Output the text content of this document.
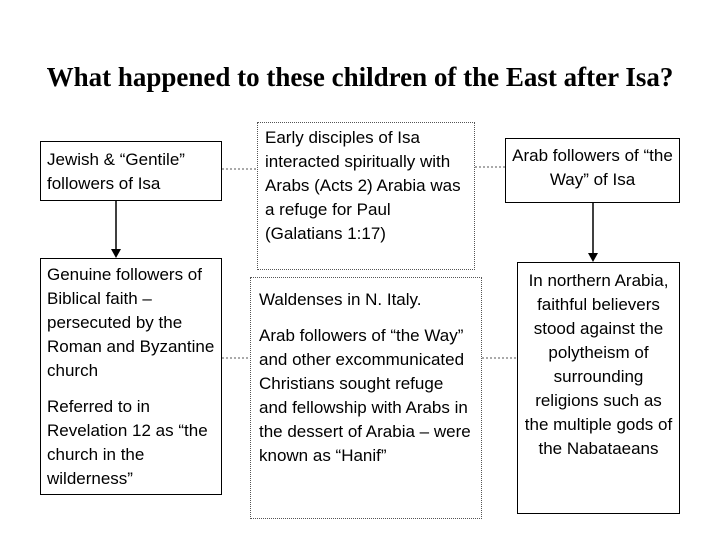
What happened to these children of the East after Isa?

Jewish & “Gentile” followers of Isa

Genuine followers of Biblical faith – persecuted by the Roman and Byzantine church

Referred to in Revelation 12 as “the church in the wilderness”

Early disciples of Isa interacted spiritually with Arabs (Acts 2) Arabia was a refuge for Paul (Galatians 1:17)

Waldenses in N. Italy.

Arab followers of “the Way” and other excommunicated Christians sought refuge and fellowship with Arabs in the dessert of Arabia – were known as “Hanif”

Arab followers of “the Way” of Isa

In northern Arabia, faithful believers stood against the polytheism of surrounding religions such as the multiple gods of the Nabataeans
